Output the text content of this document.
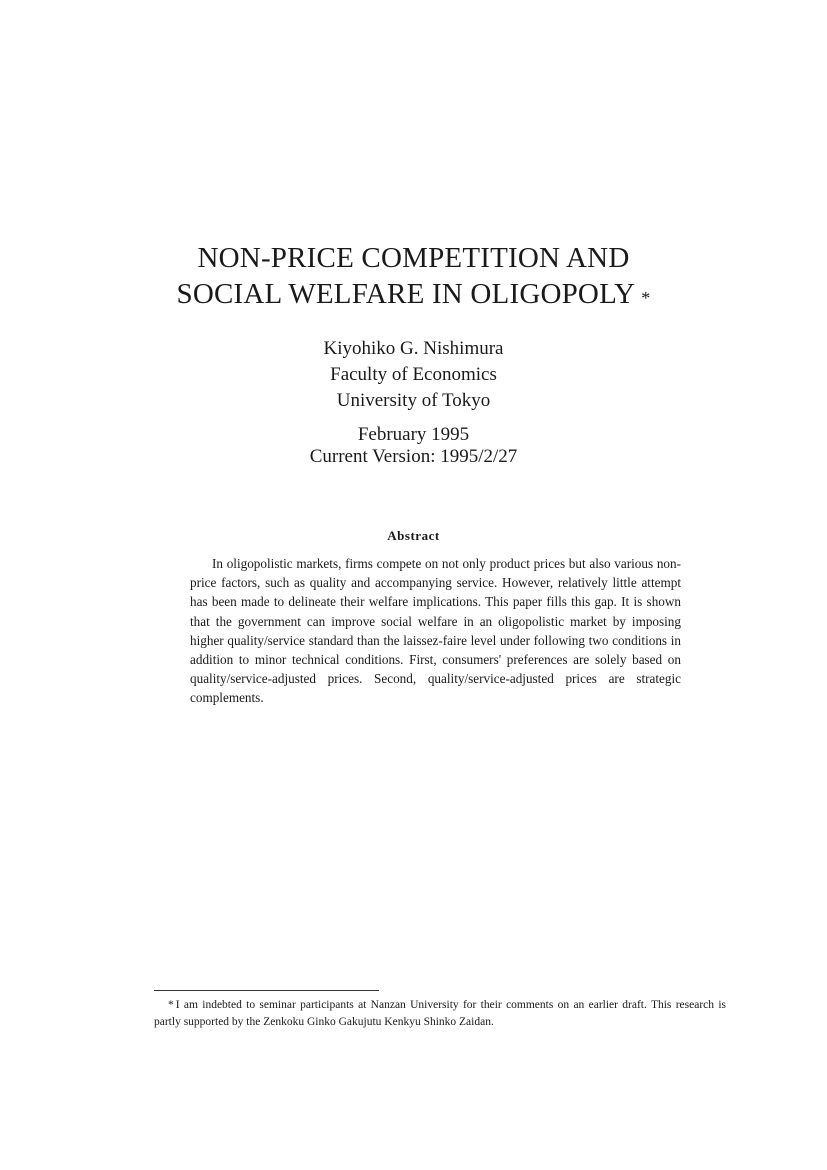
NON-PRICE COMPETITION AND
SOCIAL WELFARE IN OLIGOPOLY *
Kiyohiko G. Nishimura
Faculty of Economics
University of Tokyo
February 1995
Current Version: 1995/2/27
Abstract
In oligopolistic markets, firms compete on not only product prices but also various non-price factors, such as quality and accompanying service. However, relatively little attempt has been made to delineate their welfare implications. This paper fills this gap. It is shown that the government can improve social welfare in an oligopolistic market by imposing higher quality/service standard than the laissez-faire level under following two conditions in addition to minor technical conditions. First, consumers' preferences are solely based on quality/service-adjusted prices. Second, quality/service-adjusted prices are strategic complements.
* I am indebted to seminar participants at Nanzan University for their comments on an earlier draft. This research is partly supported by the Zenkoku Ginko Gakujutu Kenkyu Shinko Zaidan.
